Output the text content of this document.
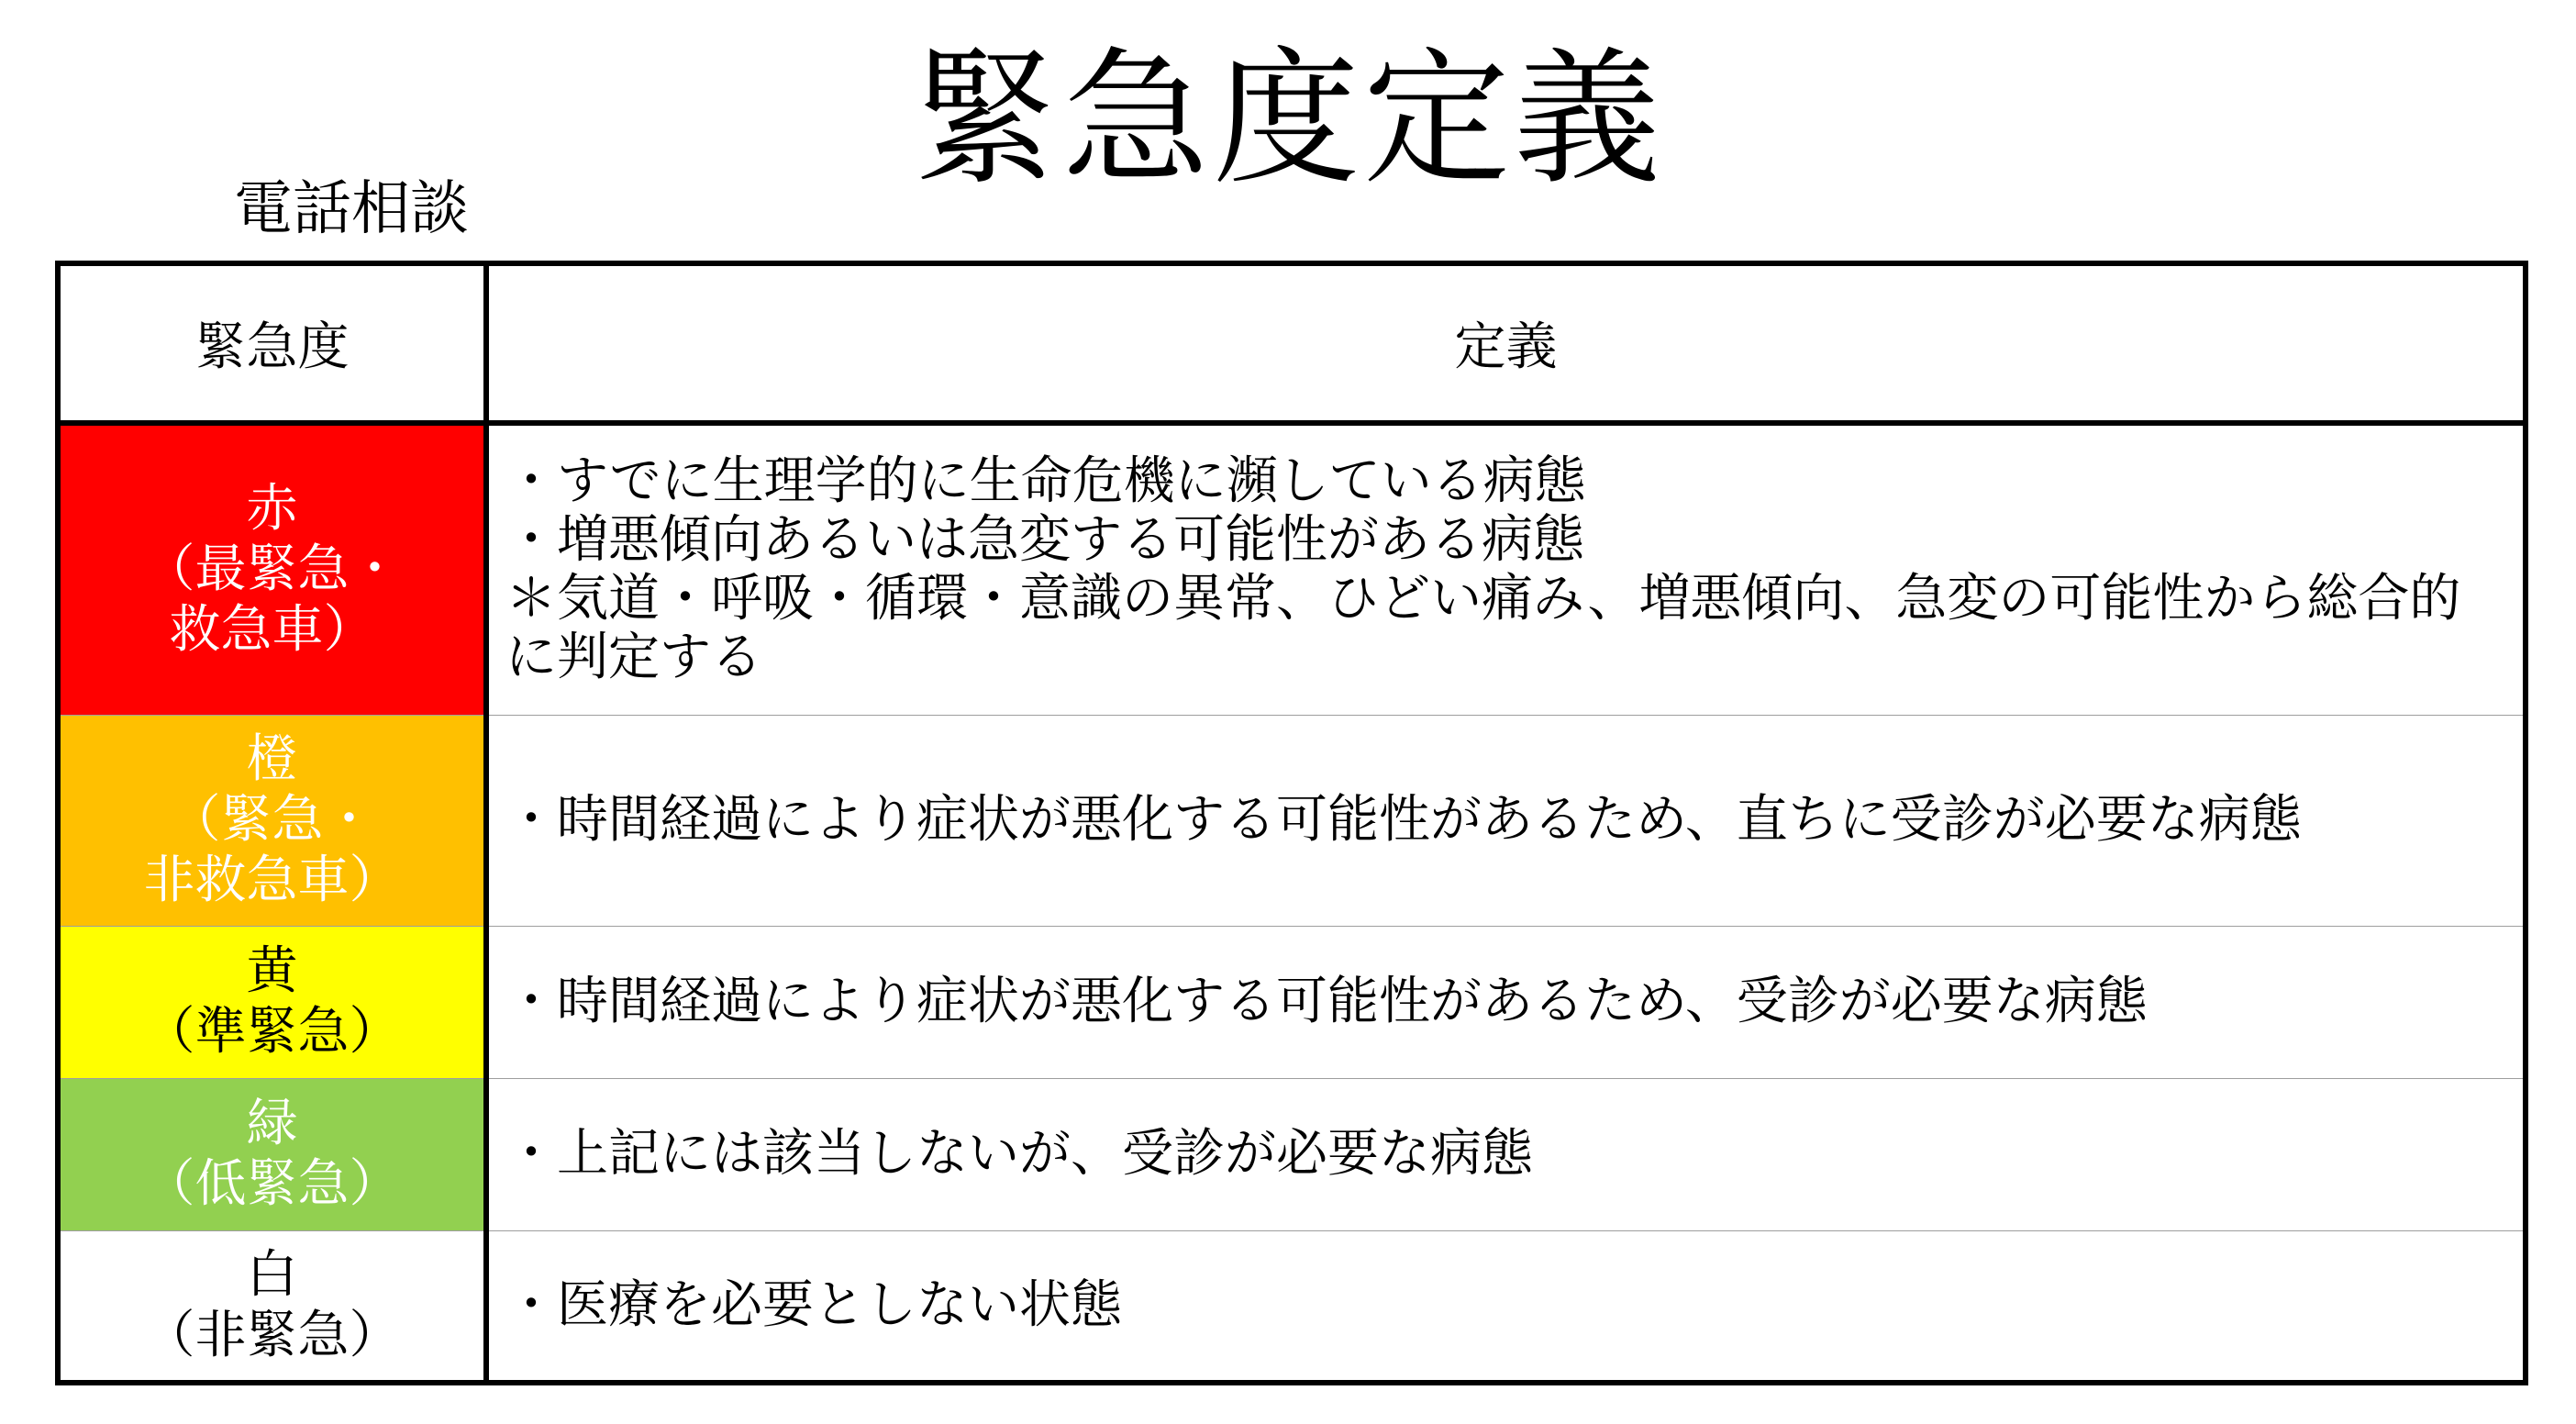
緊急度定義
電話相談
緊急度	定義

赤
（最緊急・
救急車）	・すでに生理学的に生命危機に瀕している病態
・増悪傾向あるいは急変する可能性がある病態
＊気道・呼吸・循環・意識の異常、ひどい痛み、増悪傾向、急変の可能性から総合的に判定する

橙
（緊急・
非救急車）	・時間経過により症状が悪化する可能性があるため、直ちに受診が必要な病態

黄
（準緊急）	・時間経過により症状が悪化する可能性があるため、受診が必要な病態

緑
（低緊急）	・上記には該当しないが、受診が必要な病態

白
（非緊急）	・医療を必要としない状態
